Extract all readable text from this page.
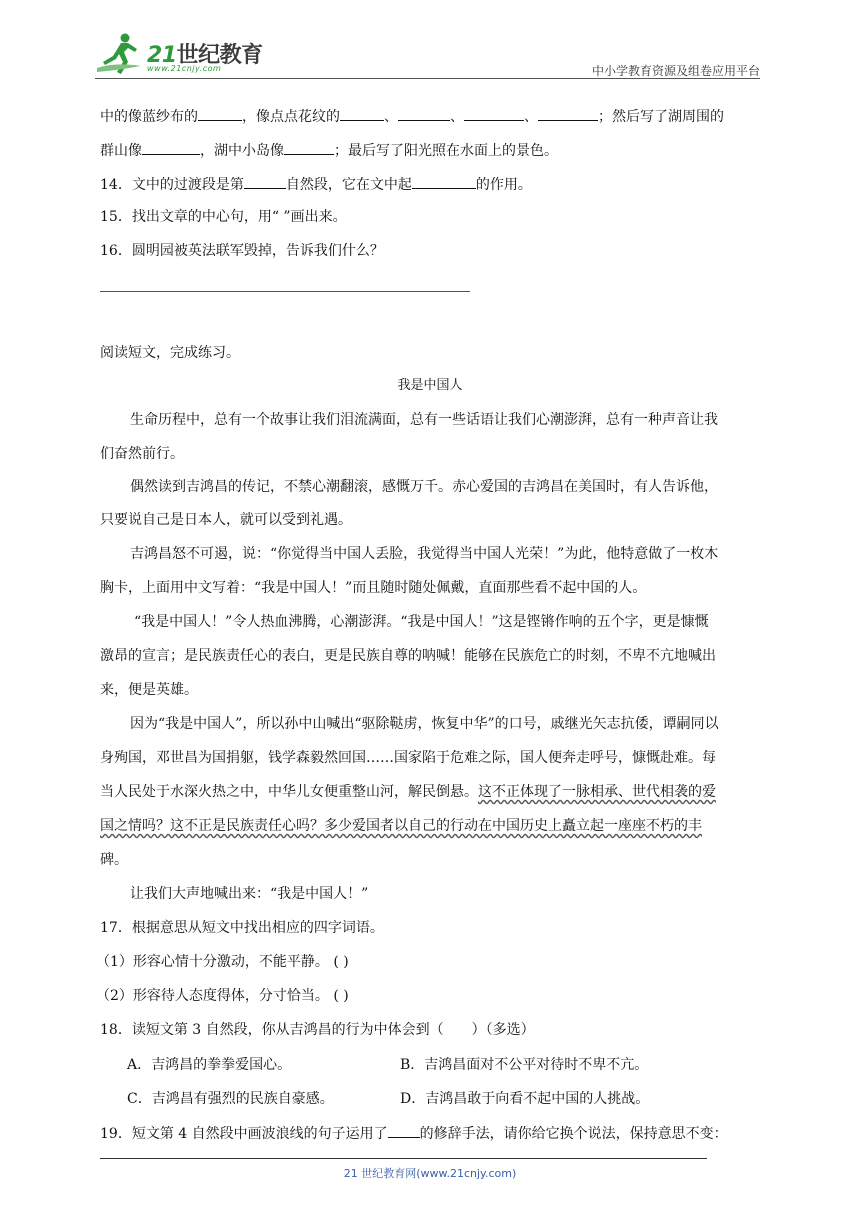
21世纪教育
www.21cnjy.com	中小学教育资源及组卷应用平台
中的像蓝纱布的	，像点点花纹的	、	、	、	；然后写了湖周围的
群山像	，湖中小岛像	；最后写了阳光照在水面上的景色。
14．文中的过渡段是第	自然段，它在文中起	的作用。
15．找出文章的中心句，用“ ”画出来。
16．圆明园被英法联军毁掉，告诉我们什么？
阅读短文，完成练习。
我是中国人
生命历程中，总有一个故事让我们泪流满面，总有一些话语让我们心潮澎湃，总有一种声音让我
们奋然前行。
偶然读到吉鸿昌的传记，不禁心潮翻滚，感慨万千。赤心爱国的吉鸿昌在美国时，有人告诉他，
只要说自己是日本人，就可以受到礼遇。
吉鸿昌怒不可遏，说：“你觉得当中国人丢脸，我觉得当中国人光荣！”为此，他特意做了一枚木
胸卡，上面用中文写着：“我是中国人！”而且随时随处佩戴，直面那些看不起中国的人。
“我是中国人！”令人热血沸腾，心潮澎湃。“我是中国人！”这是铿锵作响的五个字，更是慷慨
激昂的宣言；是民族责任心的表白，更是民族自尊的呐喊！能够在民族危亡的时刻，不卑不亢地喊出
来，便是英雄。
因为“我是中国人”，所以孙中山喊出“驱除鞑虏，恢复中华”的口号，戚继光矢志抗倭，谭嗣同以
身殉国，邓世昌为国捐躯，钱学森毅然回国……国家陷于危难之际，国人便奔走呼号，慷慨赴难。每
当人民处于水深火热之中，中华儿女便重整山河，解民倒悬。这不正体现了一脉相承、世代相袭的爱
国之情吗？这不正是民族责任心吗？多少爱国者以自己的行动在中国历史上矗立起一座座不朽的丰
碑。
让我们大声地喊出来：“我是中国人！”
17．根据意思从短文中找出相应的四字词语。
（1）形容心情十分激动，不能平静。 ( )
（2）形容待人态度得体，分寸恰当。 ( )
18．读短文第 3 自然段，你从吉鸿昌的行为中体会到（　　）（多选）
A．吉鸿昌的拳拳爱国心。	B．吉鸿昌面对不公平对待时不卑不亢。
C．吉鸿昌有强烈的民族自豪感。	D．吉鸿昌敢于向看不起中国的人挑战。
19．短文第 4 自然段中画波浪线的句子运用了 的修辞手法，请你给它换个说法，保持意思不变：
21 世纪教育网(www.21cnjy.com)
